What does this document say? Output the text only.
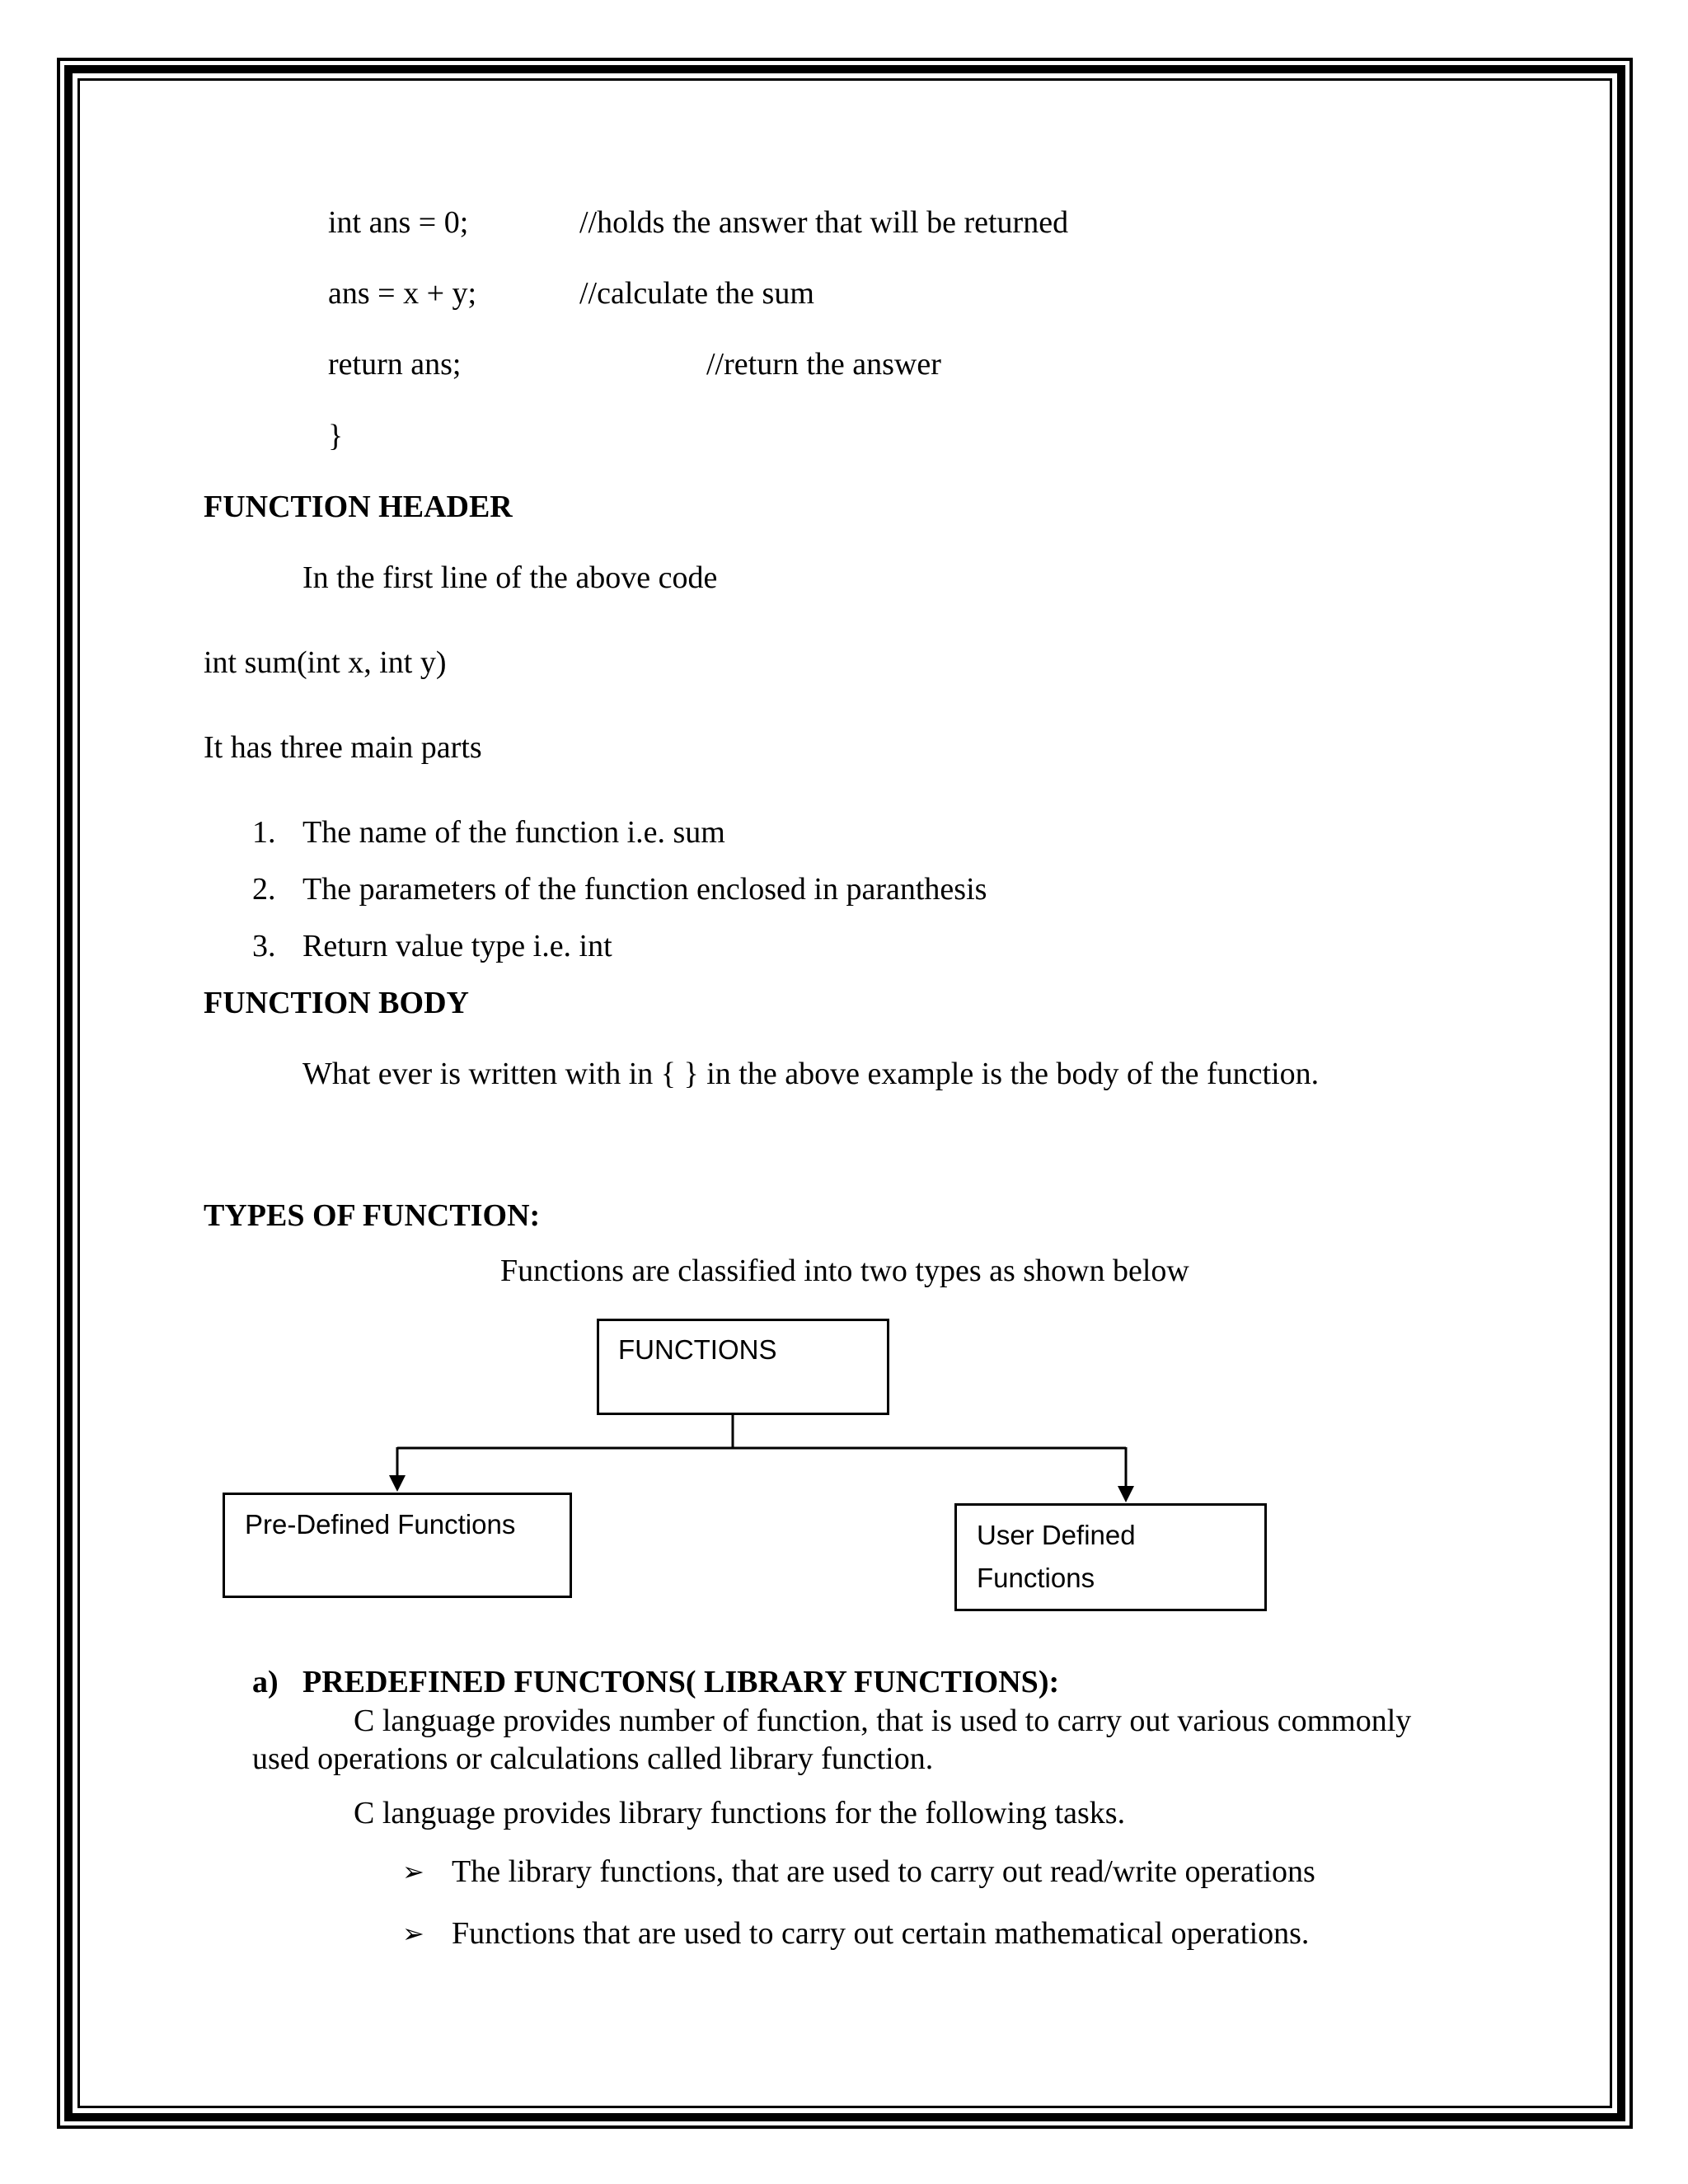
int ans = 0;	//holds the answer that will be returned
ans = x + y;	//calculate the sum
return ans;	//return the answer
}
FUNCTION HEADER
In the first line of the above code
int sum(int x, int y)
It has three main parts
1. The name of the function i.e. sum
2. The parameters of the function enclosed in paranthesis
3. Return value type i.e. int
FUNCTION BODY
What ever is written with in { } in the above example is the body of the function.
TYPES OF FUNCTION:
Functions are classified into two types as shown below
FUNCTIONS
Pre-Defined Functions	User Defined
Functions
a) PREDEFINED FUNCTONS( LIBRARY FUNCTIONS):
C language provides number of function, that is used to carry out various commonly
used operations or calculations called library function.
C language provides library functions for the following tasks.
➢ The library functions, that are used to carry out read/write operations
➢ Functions that are used to carry out certain mathematical operations.
